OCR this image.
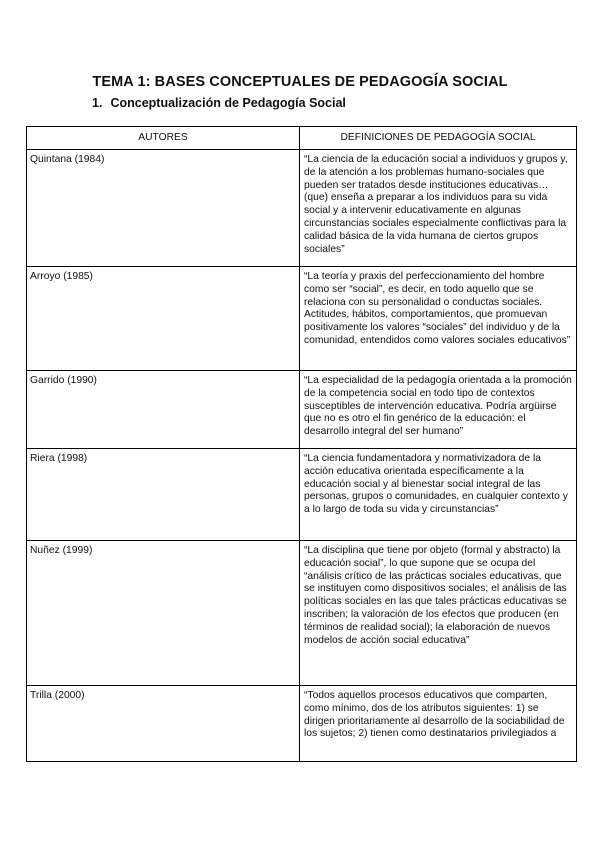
TEMA 1: BASES CONCEPTUALES DE PEDAGOGÍA SOCIAL
1. Conceptualización de Pedagogía Social
AUTORES	DEFINICIONES DE PEDAGOGÍA SOCIAL
Quintana (1984)	“La ciencia de la educación social a individuos y grupos y, de la atención a los problemas humano-sociales que pueden ser tratados desde instituciones educativas…(que) enseña a preparar a los individuos para su vida social y a intervenir educativamente en algunas circunstancias sociales especialmente conflictivas para la calidad básica de la vida humana de ciertos grupos sociales”
Arroyo (1985)	“La teoría y praxis del perfeccionamiento del hombre como ser “social”, es decir, en todo aquello que se relaciona con su personalidad o conductas sociales. Actitudes, hábitos, comportamientos, que promuevan positivamente los valores “sociales” del individuo y de la comunidad, entendidos como valores sociales educativos”
Garrido (1990)	“La especialidad de la pedagogía orientada a la promoción de la competencia social en todo tipo de contextos susceptibles de intervención educativa. Podría argüirse que no es otro el fin genérico de la educación: el desarrollo integral del ser humano”
Riera (1998)	“La ciencia fundamentadora y normativizadora de la acción educativa orientada específicamente a la educación social y al bienestar social integral de las personas, grupos o comunidades, en cualquier contexto y a lo largo de toda su vida y circunstancias”
Nuñez (1999)	“La disciplina que tiene por objeto (formal y abstracto) la educación social”, lo que supone que se ocupa del “análisis crítico de las prácticas sociales educativas, que se instituyen como dispositivos sociales; el análisis de las políticas sociales en las que tales prácticas educativas se inscriben; la valoración de los efectos que producen (en términos de realidad social); la elaboración de nuevos modelos de acción social educativa”
Trilla (2000)	“Todos aquellos procesos educativos que comparten, como mínimo, dos de los atributos siguientes: 1) se dirigen prioritariamente al desarrollo de la sociabilidad de los sujetos; 2) tienen como destinatarios privilegiados a
